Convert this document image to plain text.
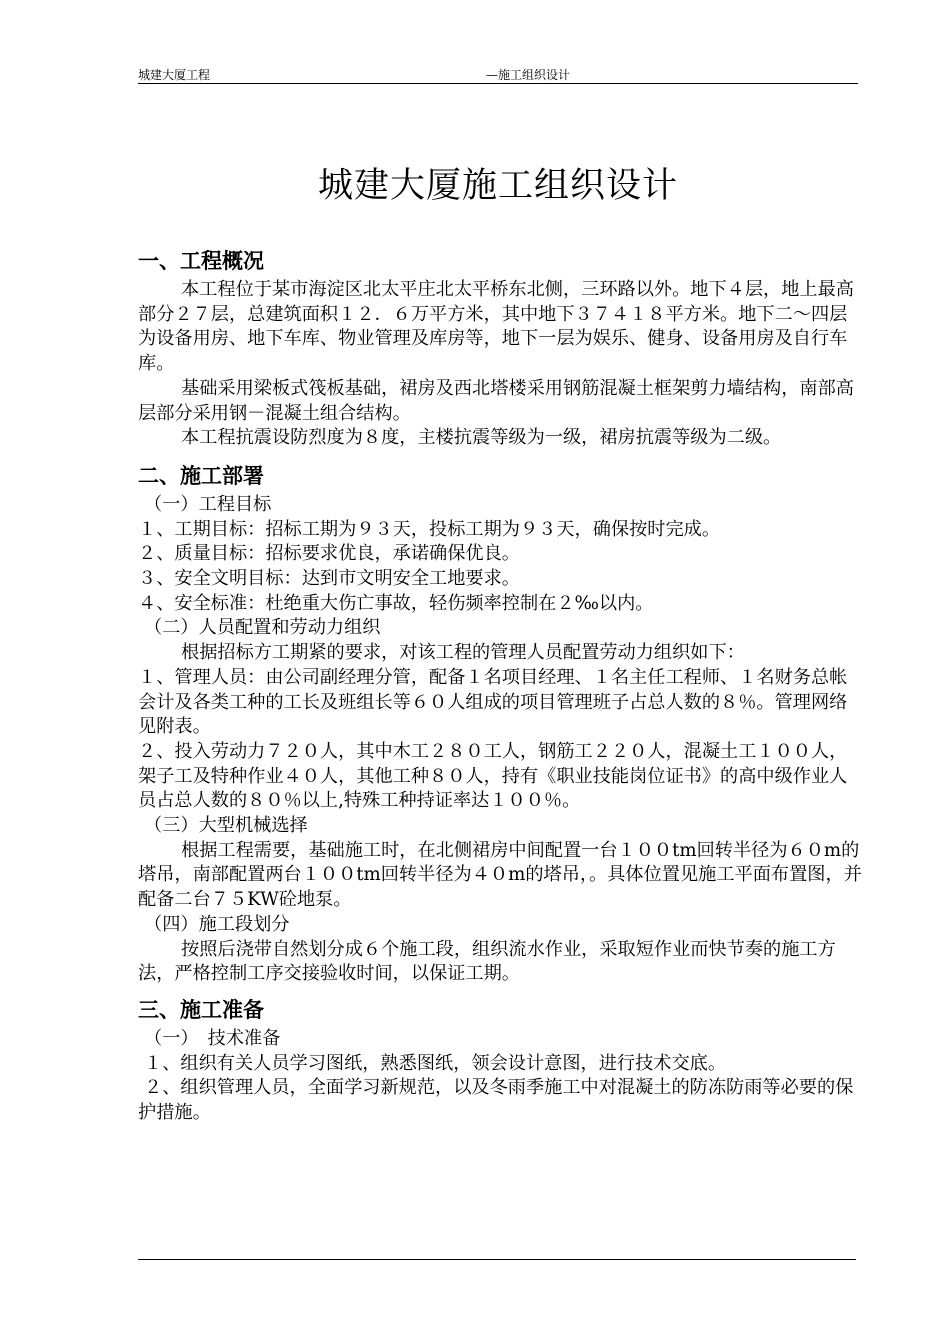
城建大厦工程	—施工组织设计
城建大厦施工组织设计
一、工程概况

本工程位于某市海淀区北太平庄北太平桥东北侧，三环路以外。地下４层，地上最高部分２７层，总建筑面积１２．６万平方米，其中地下３７４１８平方米。地下二～四层为设备用房、地下车库、物业管理及库房等，地下一层为娱乐、健身、设备用房及自行车库。

基础采用梁板式筏板基础，裙房及西北塔楼采用钢筋混凝土框架剪力墙结构，南部高层部分采用钢－混凝土组合结构。

本工程抗震设防烈度为８度，主楼抗震等级为一级，裙房抗震等级为二级。

二、施工部署

（一）工程目标

１、工期目标：招标工期为９３天，投标工期为９３天，确保按时完成。

２、质量目标：招标要求优良，承诺确保优良。

３、安全文明目标：达到市文明安全工地要求。

４、安全标准：杜绝重大伤亡事故，轻伤频率控制在２‰以内。

（二）人员配置和劳动力组织

根据招标方工期紧的要求，对该工程的管理人员配置劳动力组织如下：

１、管理人员：由公司副经理分管，配备１名项目经理、１名主任工程师、１名财务总帐会计及各类工种的工长及班组长等６０人组成的项目管理班子占总人数的８％。管理网络见附表。

２、投入劳动力７２０人，其中木工２８０工人，钢筋工２２０人，混凝土工１００人，架子工及特种作业４０人，其他工种８０人，持有《职业技能岗位证书》的高中级作业人员占总人数的８０％以上,特殊工种持证率达１００％。

（三）大型机械选择

根据工程需要，基础施工时，在北侧裙房中间配置一台１００tm回转半径为６０m的塔吊，南部配置两台１００tm回转半径为４０m的塔吊，。具体位置见施工平面布置图，并配备二台７５KW砼地泵。

（四）施工段划分

按照后浇带自然划分成６个施工段，组织流水作业，采取短作业而快节奏的施工方法，严格控制工序交接验收时间，以保证工期。

三、施工准备

（一）　技术准备

１、组织有关人员学习图纸，熟悉图纸，领会设计意图，进行技术交底。

２、组织管理人员，全面学习新规范，以及冬雨季施工中对混凝土的防冻防雨等必要的保护措施。
